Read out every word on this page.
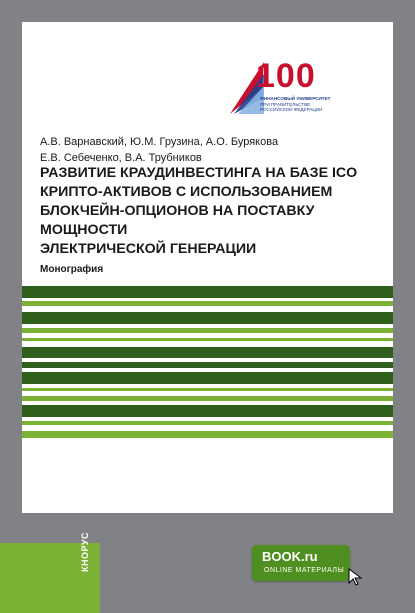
100
ФИНАНСОВЫЙ УНИВЕРСИТЕТ
ПРИ ПРАВИТЕЛЬСТВЕ
РОССИЙСКОЙ ФЕДЕРАЦИИ
А.В. Варнавский, Ю.М. Грузина, А.О. Бурякова
Е.В. Себеченко, В.А. Трубников
РАЗВИТИЕ КРАУДИНВЕСТИНГА НА БАЗЕ ICO
КРИПТО-АКТИВОВ С ИСПОЛЬЗОВАНИЕМ
БЛОКЧЕЙН-ОПЦИОНОВ НА ПОСТАВКУ МОЩНОСТИ
ЭЛЕКТРИЧЕСКОЙ ГЕНЕРАЦИИ
Монография
КНОРУС	BOOK.ru
ONLINE МАТЕРИАЛЫ
